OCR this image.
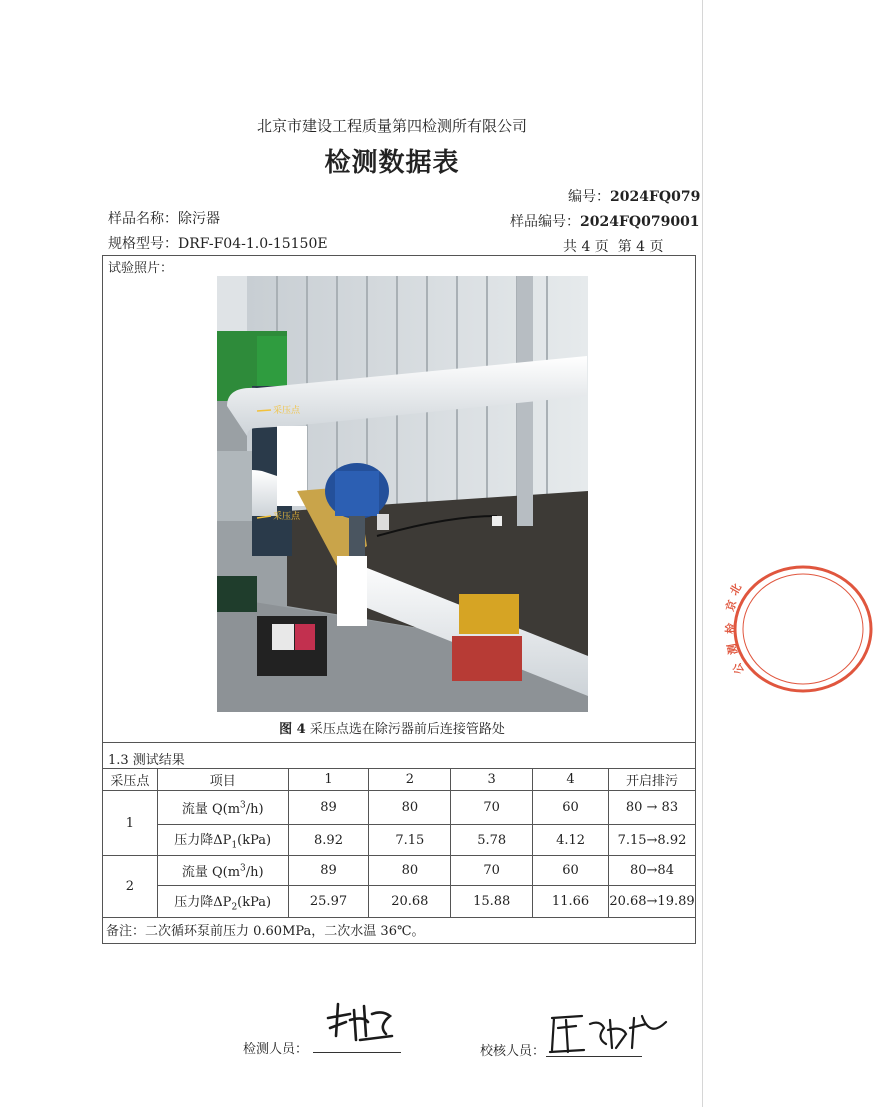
北京市建设工程质量第四检测所有限公司
检测数据表
编号：2024FQ079
样品名称：除污器	样品编号：2024FQ079001
规格型号：DRF-F04-1.0-15150E	共 4 页  第 4 页
试验照片：
采压点
采压点
图 4 采压点选在除污器前后连接管路处
1.3 测试结果
采压点	项目	1	2	3	4	开启排污
1	流量 $Q(m^3/h)$	89	80	70	60	80 → 83
	压力降$\Delta P_1(kPa)$	8.92	7.15	5.78	4.12	7.15→8.92
2	流量 $Q(m^3/h)$	89	80	70	60	80→84
	压力降$\Delta P_2(kPa)$	25.97	20.68	15.88	11.66	20.68→19.89
备注：二次循环泵前压力 0.60MPa，二次水温 36℃。
检测人员：	校核人员：
北
京
检
测
公
